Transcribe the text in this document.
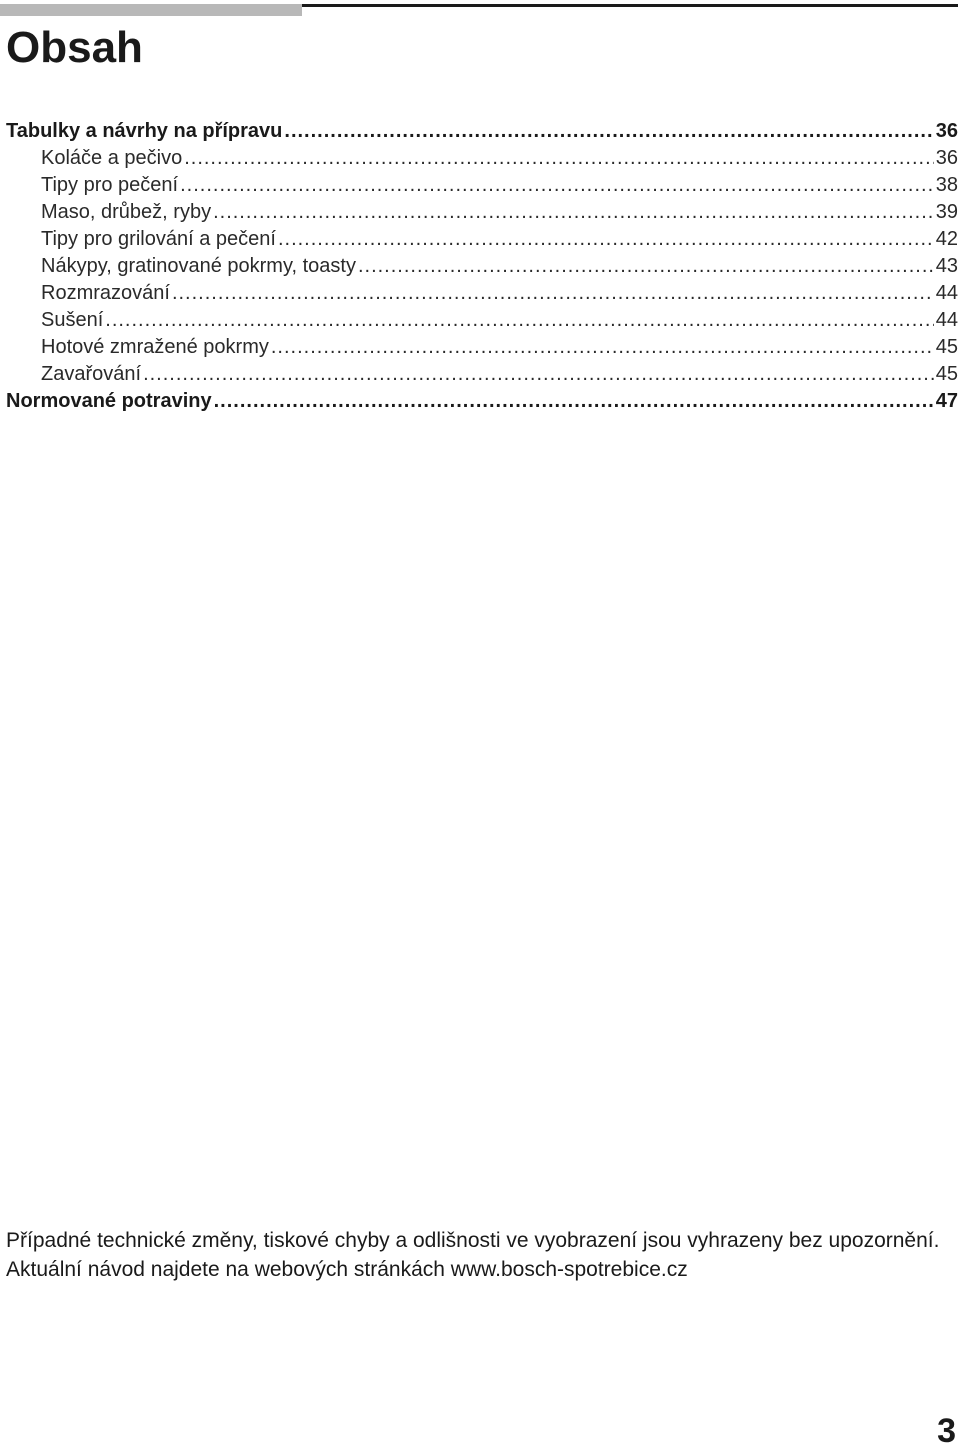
Obsah
Tabulky a návrhy na přípravu .....	36
Koláče a pečivo .....	36
Tipy pro pečení .....	38
Maso, drůbež, ryby .....	39
Tipy pro grilování a pečení .....	42
Nákypy, gratinované pokrmy, toasty .....	43
Rozmrazování .....	44
Sušení .....	44
Hotové zmražené pokrmy .....	45
Zavařování .....	45
Normované potraviny .....	47

Případné technické změny, tiskové chyby a odlišnosti ve vyobrazení jsou vyhrazeny bez upozornění. Aktuální návod najdete na webových stránkách www.bosch-spotrebice.cz

3
